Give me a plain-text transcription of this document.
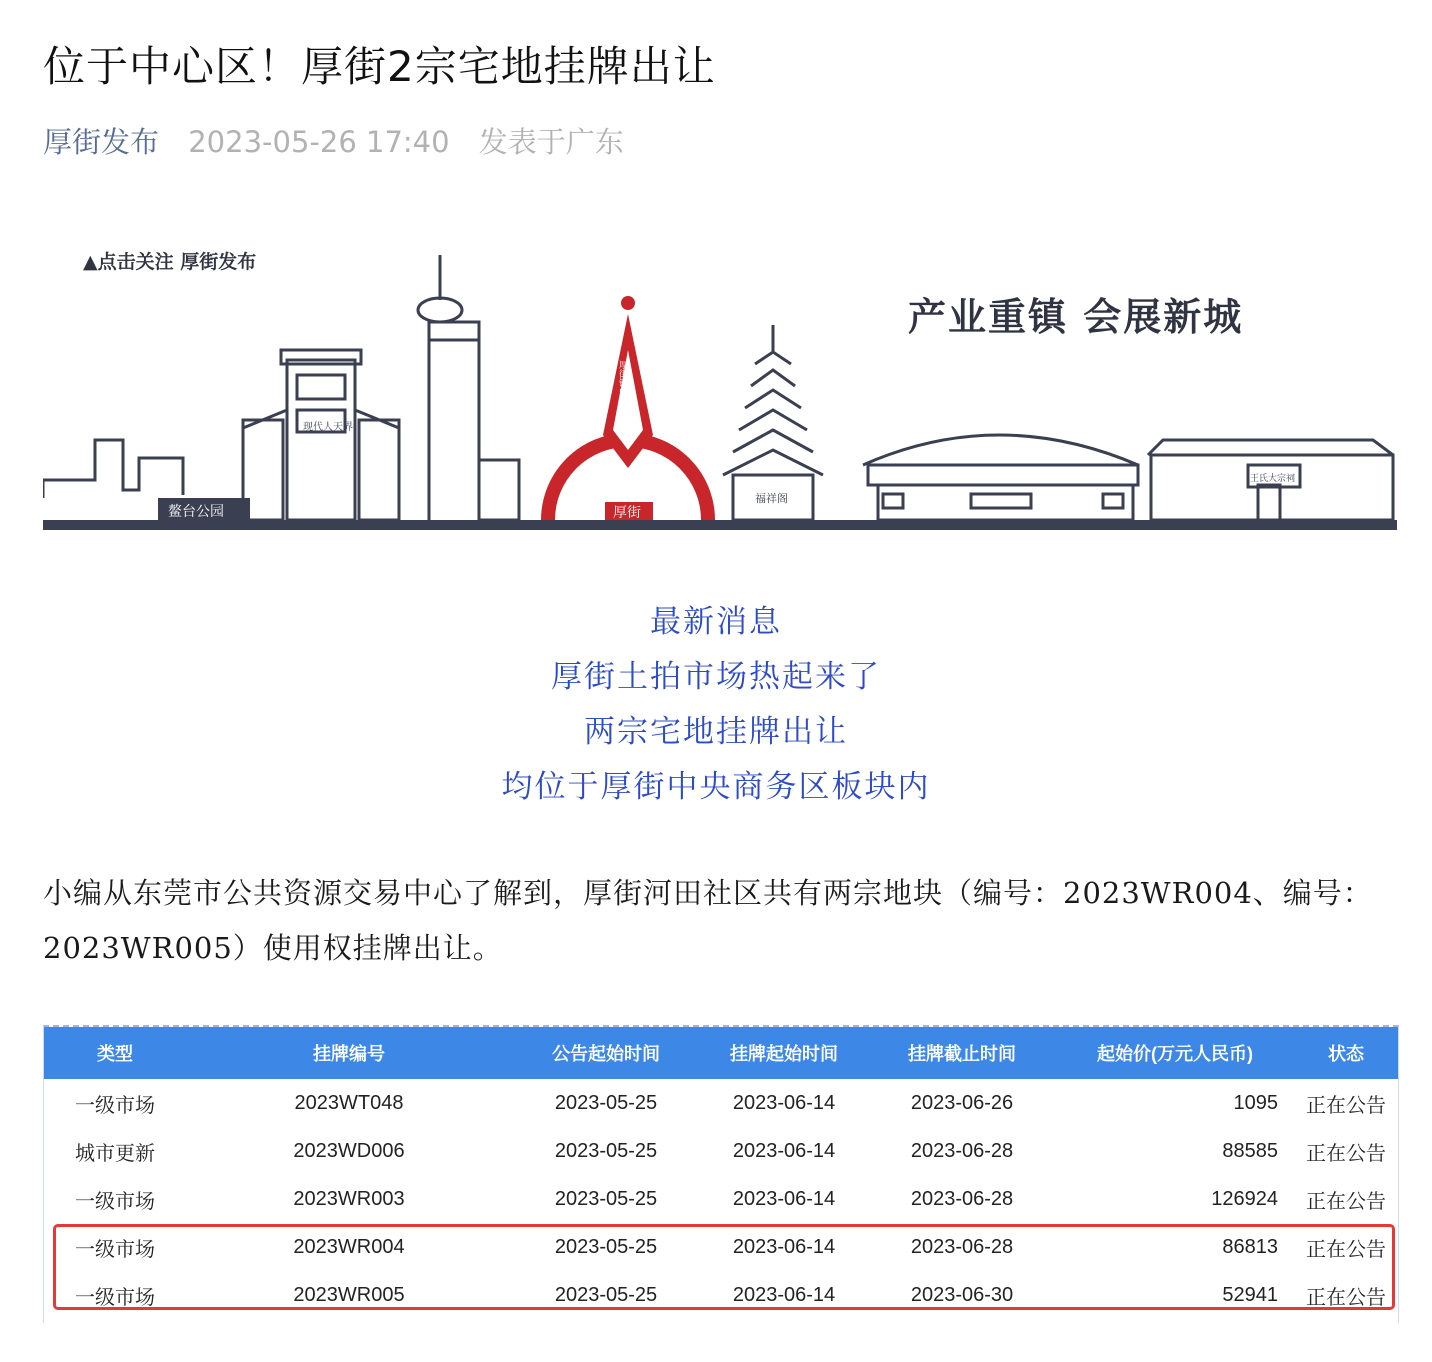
位于中心区！厚街2宗宅地挂牌出让
厚街发布 2023-05-26 17:40 发表于广东
▲点击关注 厚街发布
产业重镇 会展新城
现代人天界
鳌台公园	厚街
厚街镇中心区
福祥阁
王氏大宗祠
最新消息
厚街土拍市场热起来了
两宗宅地挂牌出让
均位于厚街中央商务区板块内
小编从东莞市公共资源交易中心了解到，厚街河田社区共有两宗地块（编号：2023WR004、编号：2023WR005）使用权挂牌出让。
类型	挂牌编号	公告起始时间	挂牌起始时间	挂牌截止时间	起始价(万元人民币)	状态
一级市场	2023WT048	2023-05-25	2023-06-14	2023-06-26	1095	正在公告
城市更新	2023WD006	2023-05-25	2023-06-14	2023-06-28	88585	正在公告
一级市场	2023WR003	2023-05-25	2023-06-14	2023-06-28	126924	正在公告
一级市场	2023WR004	2023-05-25	2023-06-14	2023-06-28	86813	正在公告
一级市场	2023WR005	2023-05-25	2023-06-14	2023-06-30	52941	正在公告
